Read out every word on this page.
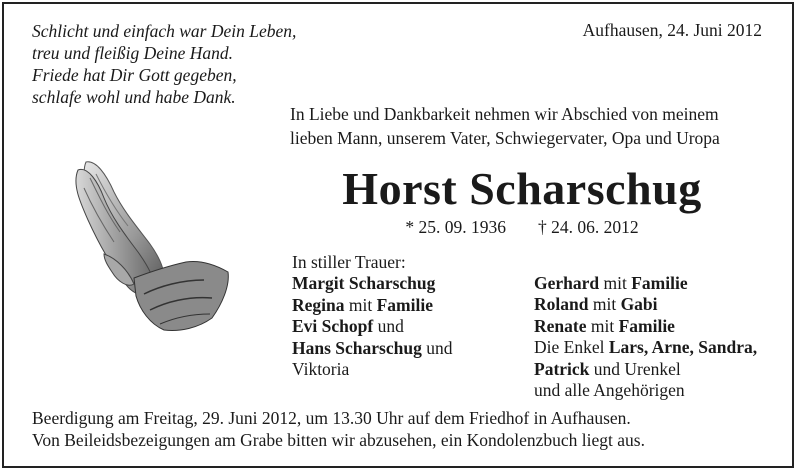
Schlicht und einfach war Dein Leben,
treu und fleißig Deine Hand.
Friede hat Dir Gott gegeben,
schlafe wohl und habe Dank.
Aufhausen, 24. Juni 2012
In Liebe und Dankbarkeit nehmen wir Abschied von meinem
lieben Mann, unserem Vater, Schwiegervater, Opa und Uropa
Horst Scharschug
* 25. 09. 1936 † 24. 06. 2012
In stiller Trauer:
Margit Scharschug
Regina mit Familie
Evi Schopf und
Hans Scharschug und
Viktoria
Gerhard mit Familie
Roland mit Gabi
Renate mit Familie
Die Enkel Lars, Arne, Sandra,
Patrick und Urenkel
und alle Angehörigen
Beerdigung am Freitag, 29. Juni 2012, um 13.30 Uhr auf dem Friedhof in Aufhausen.
Von Beileidsbezeigungen am Grabe bitten wir abzusehen, ein Kondolenzbuch liegt aus.
